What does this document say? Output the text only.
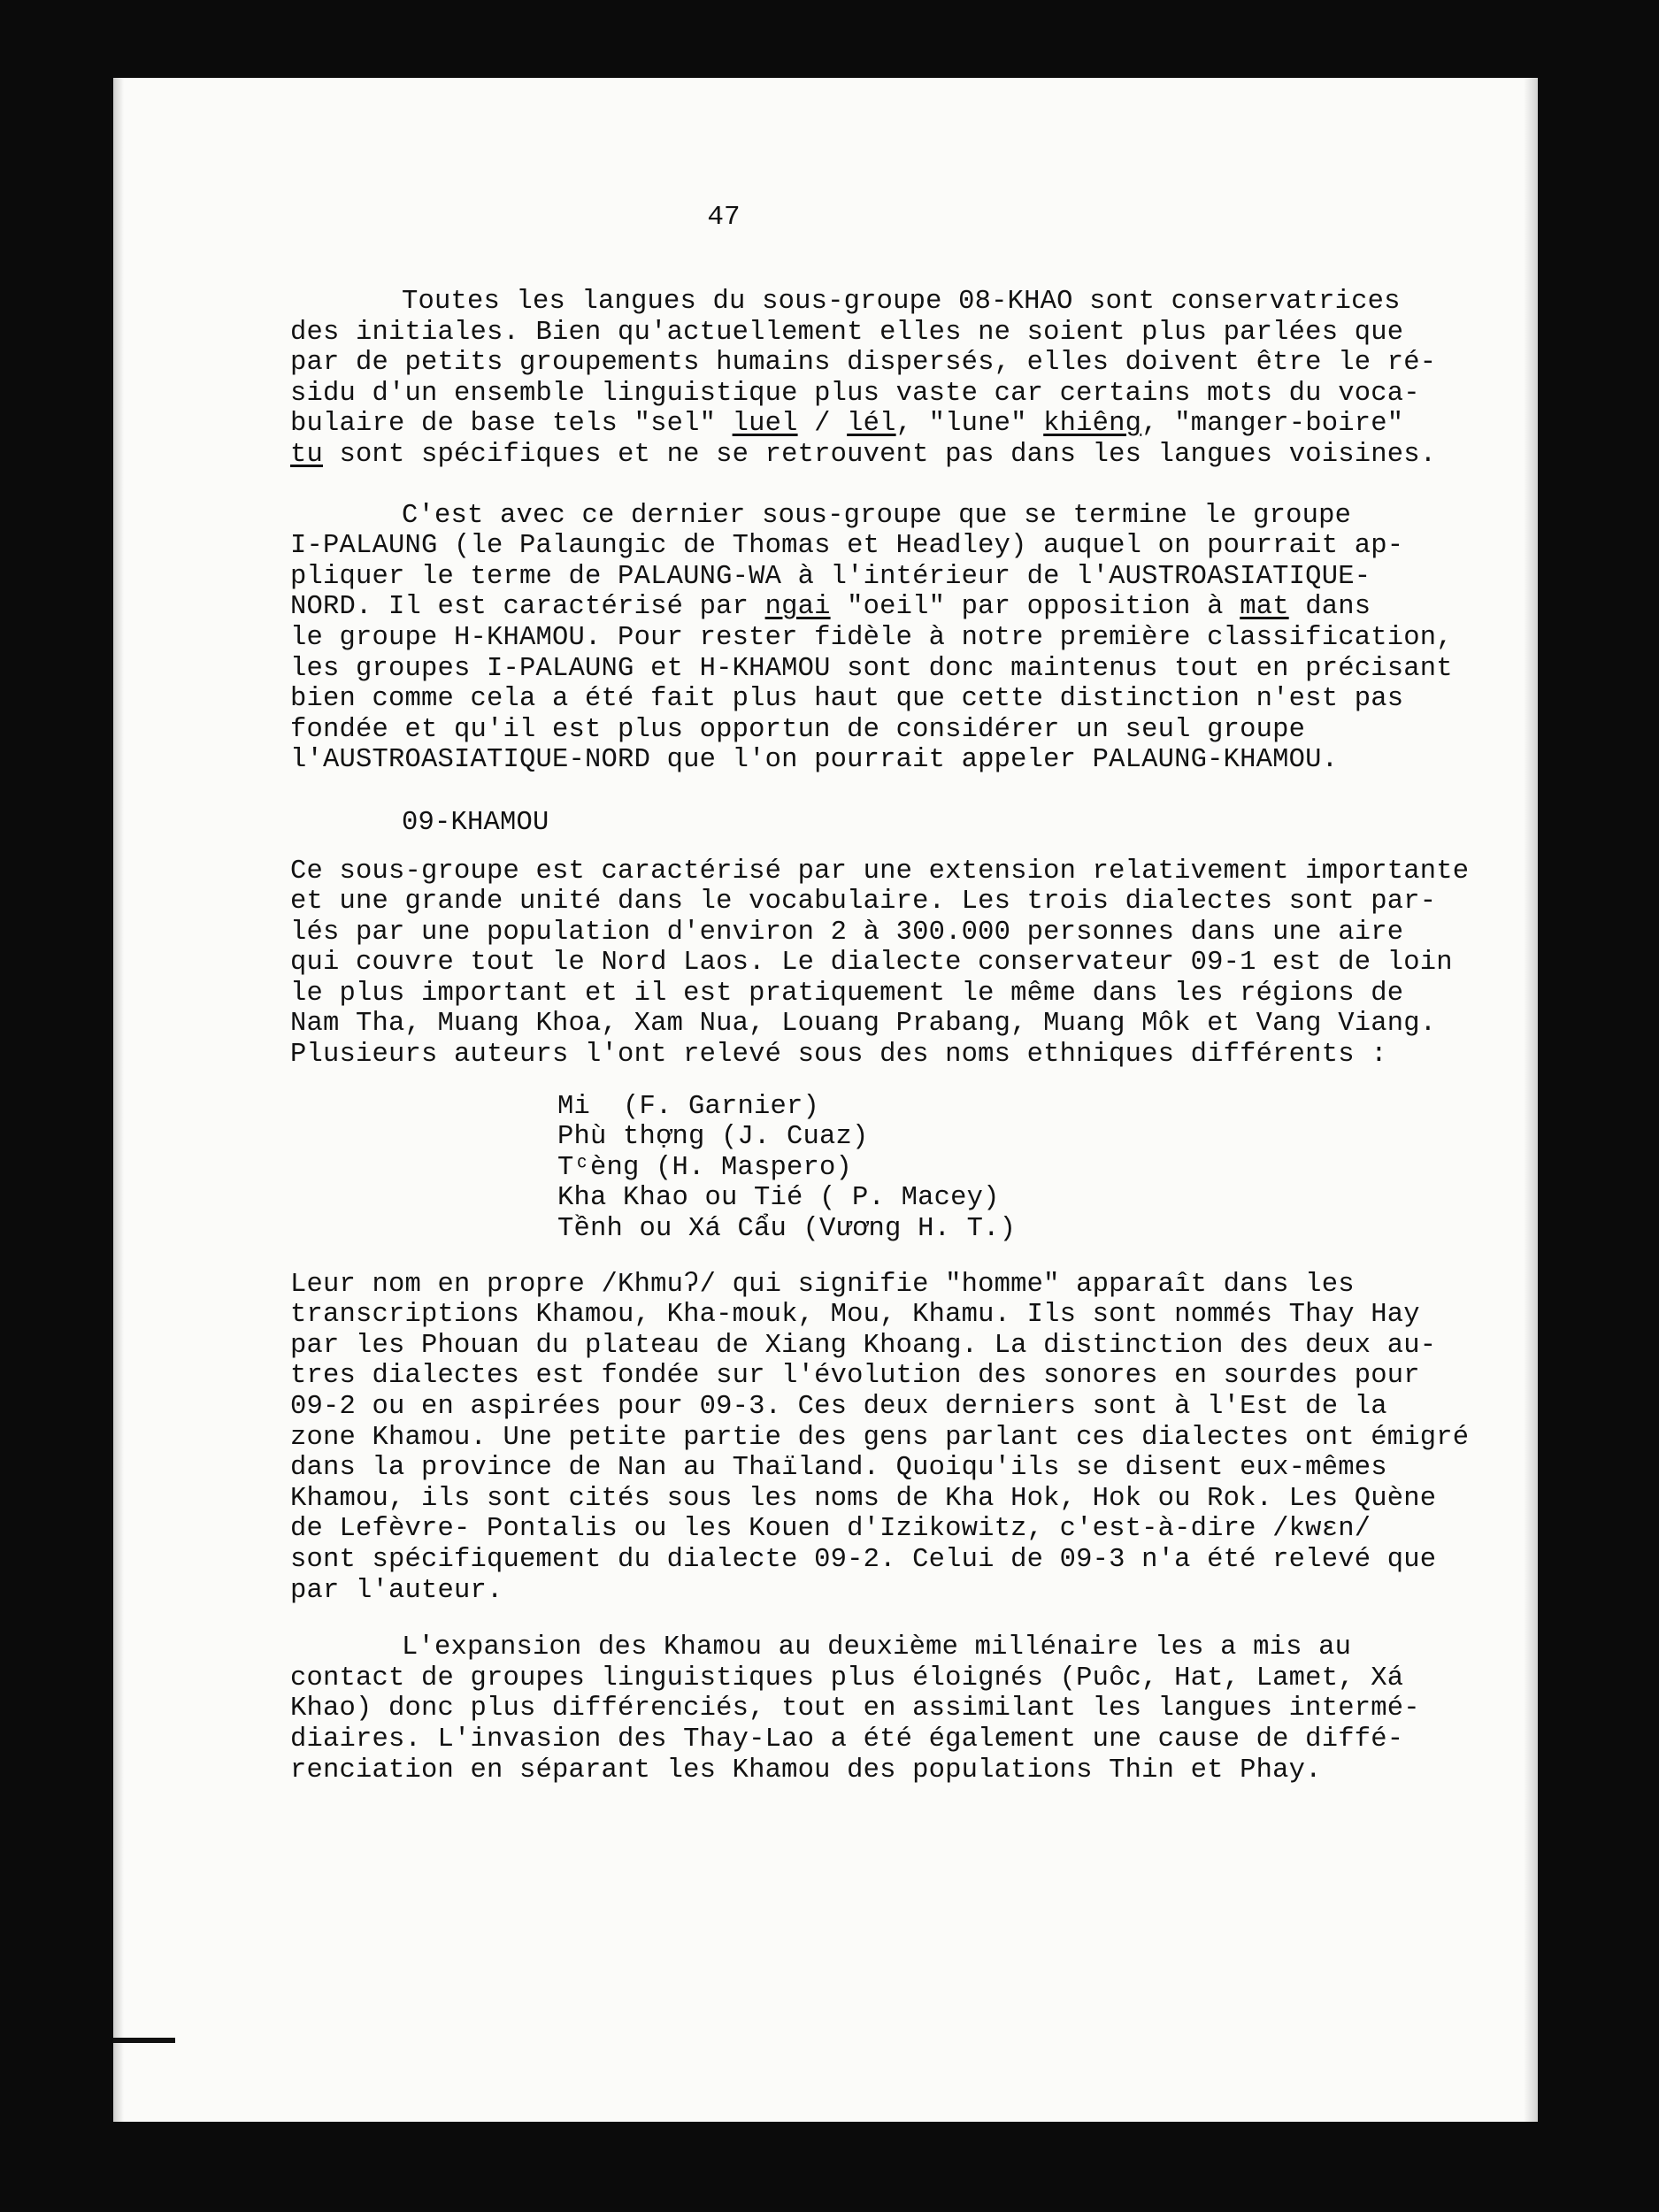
47

Toutes les langues du sous-groupe 08-KHAO sont conservatrices

des initiales. Bien qu'actuellement elles ne soient plus parlées que

par de petits groupements humains dispersés, elles doivent être le ré-

sidu d'un ensemble linguistique plus vaste car certains mots du voca-

bulaire de base tels "sel" luel / lél, "lune" khiêng, "manger-boire"

tu sont spécifiques et ne se retrouvent pas dans les langues voisines.

C'est avec ce dernier sous-groupe que se termine le groupe

I-PALAUNG (le Palaungic de Thomas et Headley) auquel on pourrait ap-

pliquer le terme de PALAUNG-WA à l'intérieur de l'AUSTROASIATIQUE-

NORD. Il est caractérisé par ngai "oeil" par opposition à mat dans

le groupe H-KHAMOU. Pour rester fidèle à notre première classification,

les groupes I-PALAUNG et H-KHAMOU sont donc maintenus tout en précisant

bien comme cela a été fait plus haut que cette distinction n'est pas

fondée et qu'il est plus opportun de considérer un seul groupe

l'AUSTROASIATIQUE-NORD que l'on pourrait appeler PALAUNG-KHAMOU.

09-KHAMOU

Ce sous-groupe est caractérisé par une extension relativement importante

et une grande unité dans le vocabulaire. Les trois dialectes sont par-

lés par une population d'environ 2 à 300.000 personnes dans une aire

qui couvre tout le Nord Laos. Le dialecte conservateur 09-1 est de loin

le plus important et il est pratiquement le même dans les régions de

Nam Tha, Muang Khoa, Xam Nua, Louang Prabang, Muang Môk et Vang Viang.

Plusieurs auteurs l'ont relevé sous des noms ethniques différents :

Mi  (F. Garnier)

Phù thợng (J. Cuaz)

Tᶜèng (H. Maspero)

Kha Khao ou Tié ( P. Macey)

Tềnh ou Xá Cẩu (Vương H. T.)

Leur nom en propre /Khmuʔ/ qui signifie "homme" apparaît dans les

transcriptions Khamou, Kha-mouk, Mou, Khamu. Ils sont nommés Thay Hay

par les Phouan du plateau de Xiang Khoang. La distinction des deux au-

tres dialectes est fondée sur l'évolution des sonores en sourdes pour

09-2 ou en aspirées pour 09-3. Ces deux derniers sont à l'Est de la

zone Khamou. Une petite partie des gens parlant ces dialectes ont émigré

dans la province de Nan au Thaïland. Quoiqu'ils se disent eux-mêmes

Khamou, ils sont cités sous les noms de Kha Hok, Hok ou Rok. Les Quène

de Lefèvre- Pontalis ou les Kouen d'Izikowitz, c'est-à-dire /kwɛn/

sont spécifiquement du dialecte 09-2. Celui de 09-3 n'a été relevé que

par l'auteur.

L'expansion des Khamou au deuxième millénaire les a mis au

contact de groupes linguistiques plus éloignés (Puôc, Hat, Lamet, Xá

Khao) donc plus différenciés, tout en assimilant les langues intermé-

diaires. L'invasion des Thay-Lao a été également une cause de diffé-

renciation en séparant les Khamou des populations Thin et Phay.
